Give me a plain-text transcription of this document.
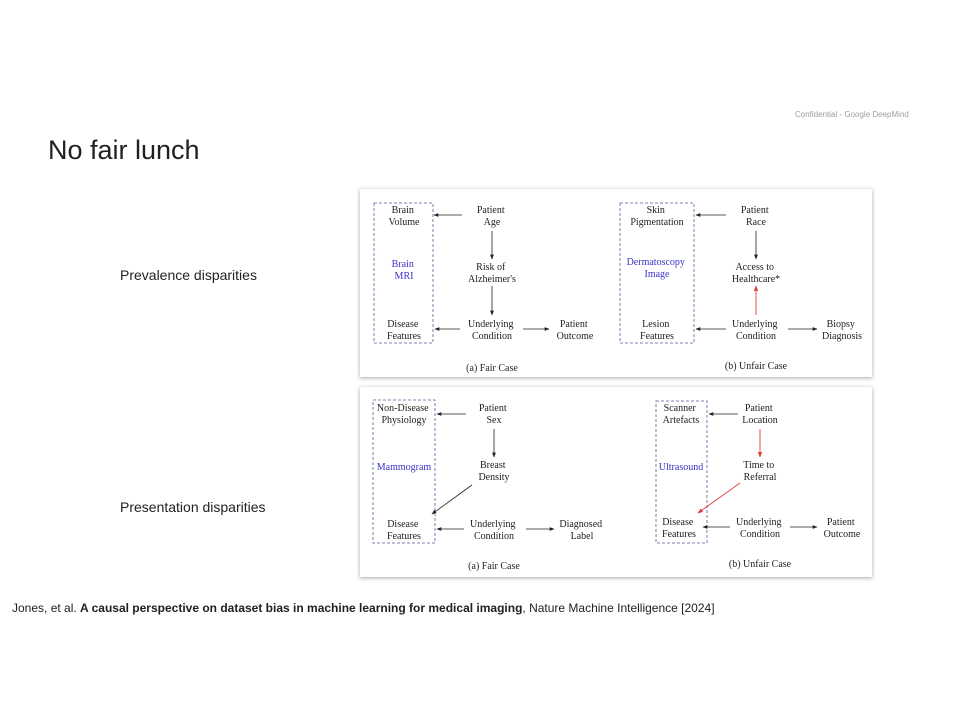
Confidential - Google DeepMind
No fair lunch
Prevalence disparities
Presentation disparities
Brain Volume
Brain MRI
Disease Features
Patient Age
Risk of Alzheimer's
Underlying Condition
Patient Outcome
(a) Fair Case
Skin Pigmentation
Dermatoscopy Image
Lesion Features
Patient Race
Access to Healthcare*
Underlying Condition
Biopsy Diagnosis
(b) Unfair Case
Non-Disease Physiology
Mammogram
Disease Features
Patient Sex
Breast Density
Underlying Condition
Diagnosed Label
(a) Fair Case
Scanner Artefacts
Ultrasound
Disease Features
Patient Location
Time to Referral
Underlying Condition
Patient Outcome
(b) Unfair Case
Jones, et al. A causal perspective on dataset bias in machine learning for medical imaging, Nature Machine Intelligence [2024]
